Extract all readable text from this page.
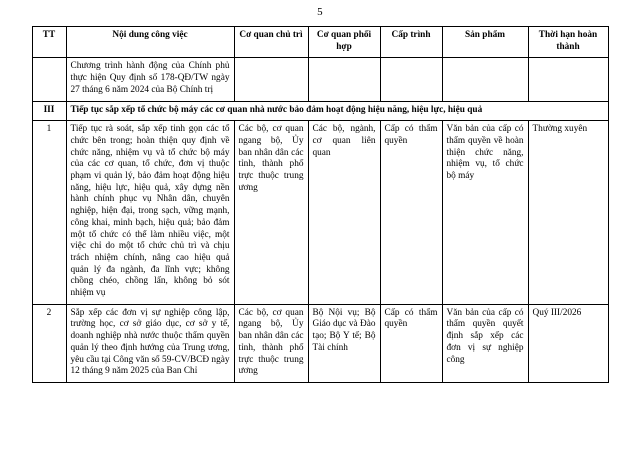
5
TT	Nội dung công việc	Cơ quan chủ trì	Cơ quan phối hợp	Cấp trình	Sản phẩm	Thời hạn hoàn thành
	Chương trình hành động của Chính phủ thực hiện Quy định số 178-QĐ/TW ngày 27 tháng 6 năm 2024 của Bộ Chính trị					
III	Tiếp tục sắp xếp tổ chức bộ máy các cơ quan nhà nước bảo đảm hoạt động hiệu năng, hiệu lực, hiệu quả					
1	Tiếp tục rà soát, sắp xếp tinh gọn các tổ chức bên trong; hoàn thiện quy định về chức năng, nhiệm vụ và tổ chức bộ máy của các cơ quan, tổ chức, đơn vị thuộc phạm vi quản lý, bảo đảm hoạt động hiệu năng, hiệu lực, hiệu quả, xây dựng nền hành chính phục vụ Nhân dân, chuyên nghiệp, hiện đại, trong sạch, vững mạnh, công khai, minh bạch, hiệu quả; bảo đảm một tổ chức có thể làm nhiều việc, một việc chỉ do một tổ chức chủ trì và chịu trách nhiệm chính, nâng cao hiệu quả quản lý đa ngành, đa lĩnh vực; không chồng chéo, chồng lấn, không bỏ sót nhiệm vụ	Các bộ, cơ quan ngang bộ, Ủy ban nhân dân các tỉnh, thành phố trực thuộc trung ương	Các bộ, ngành, cơ quan liên quan	Cấp có thẩm quyền	Văn bản của cấp có thẩm quyền về hoàn thiện chức năng, nhiệm vụ, tổ chức bộ máy	Thường xuyên
2	Sắp xếp các đơn vị sự nghiệp công lập, trường học, cơ sở giáo dục, cơ sở y tế, doanh nghiệp nhà nước thuộc thẩm quyền quản lý theo định hướng của Trung ương, yêu cầu tại Công văn số 59-CV/BCĐ ngày 12 tháng 9 năm 2025 của Ban Chỉ	Các bộ, cơ quan ngang bộ, Ủy ban nhân dân các tỉnh, thành phố trực thuộc trung ương	Bộ Nội vụ; Bộ Giáo dục và Đào tạo; Bộ Y tế; Bộ Tài chính	Cấp có thẩm quyền	Văn bản của cấp có thẩm quyền quyết định sắp xếp các đơn vị sự nghiệp công	Quý III/2026
